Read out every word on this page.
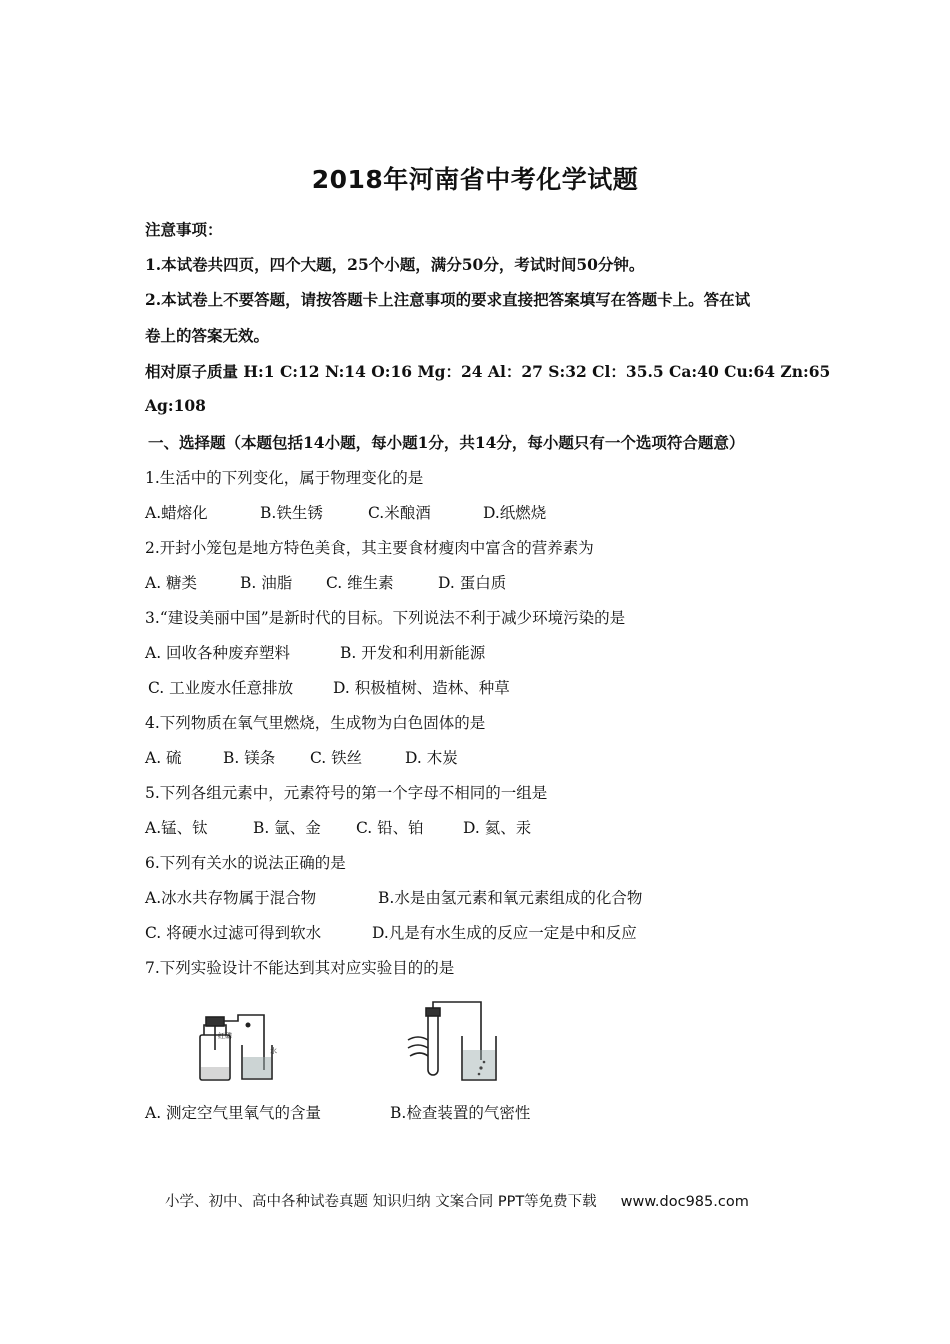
2018年河南省中考化学试题
注意事项：
1.本试卷共四页，四个大题，25个小题，满分50分，考试时间50分钟。
2.本试卷上不要答题，请按答题卡上注意事项的要求直接把答案填写在答题卡上。答在试
卷上的答案无效。
相对原子质量 H:1 C:12 N:14 O:16 Mg：24 Al：27 S:32 Cl：35.5 Ca:40 Cu:64 Zn:65
Ag:108
一、选择题（本题包括14小题，每小题1分，共14分，每小题只有一个选项符合题意）
1.生活中的下列变化，属于物理变化的是
A.蜡熔化	B.铁生锈	C.米酿酒	D.纸燃烧
2.开封小笼包是地方特色美食，其主要食材瘦肉中富含的营养素为
A. 糖类	B. 油脂 C. 维生素	D. 蛋白质
3.“建设美丽中国”是新时代的目标。下列说法不利于减少环境污染的是
A. 回收各种废弃塑料	B. 开发和利用新能源
C. 工业废水任意排放	D. 积极植树、造林、种草
4.下列物质在氧气里燃烧，生成物为白色固体的是
A. 硫	B. 镁条 C. 铁丝	D. 木炭
5.下列各组元素中，元素符号的第一个字母不相同的一组是
A.锰、钛	B. 氩、金 C. 铅、铂	D. 氦、汞
6.下列有关水的说法正确的是
A.冰水共存物属于混合物	B.水是由氢元素和氧元素组成的化合物
C. 将硬水过滤可得到软水	D.凡是有水生成的反应一定是中和反应
7.下列实验设计不能达到其对应实验目的的是
红磷
水
A. 测定空气里氧气的含量	B.检查装置的气密性
小学、初中、高中各种试卷真题 知识归纳 文案合同 PPT等免费下载 www.doc985.com
